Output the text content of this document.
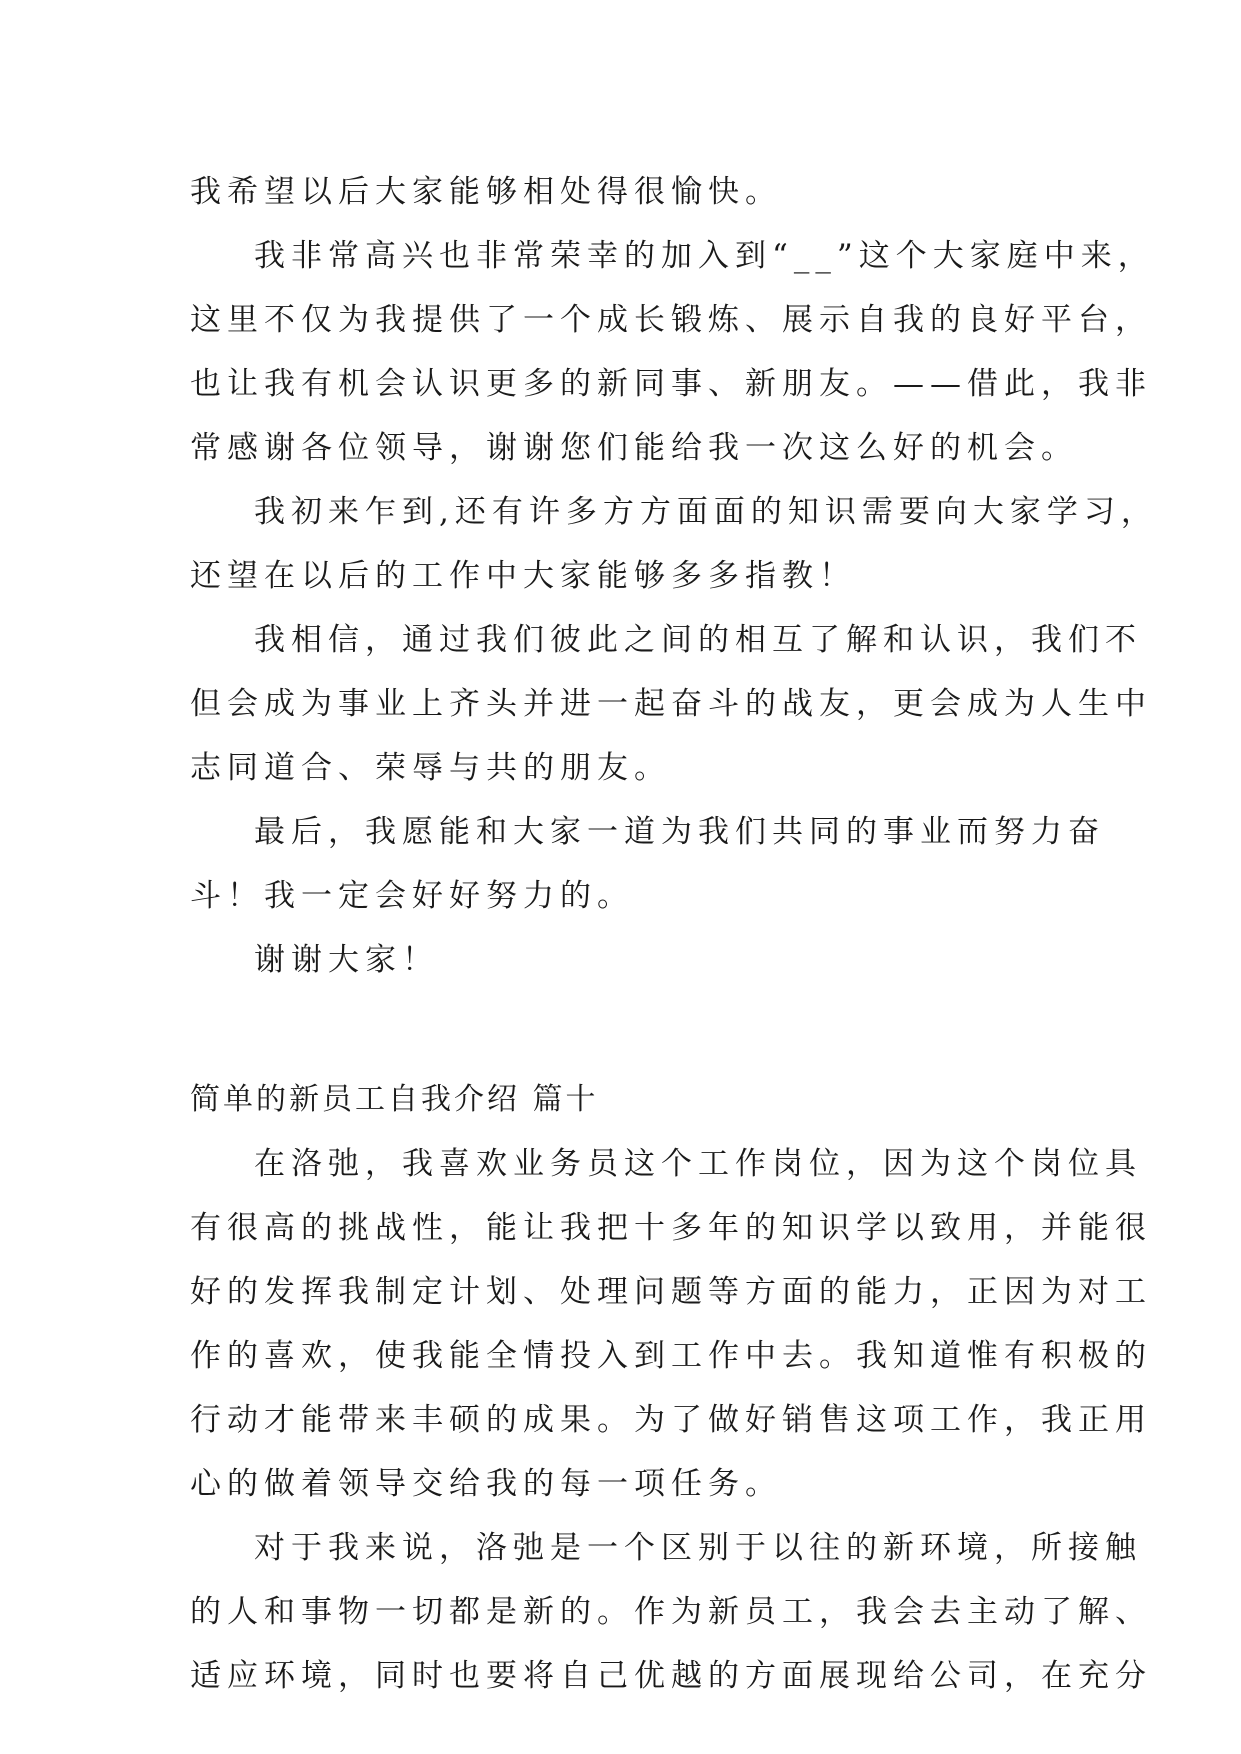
我希望以后大家能够相处得很愉快。
我非常高兴也非常荣幸的加入到“__”这个大家庭中来，
这里不仅为我提供了一个成长锻炼、展示自我的良好平台，
也让我有机会认识更多的新同事、新朋友。——借此，我非
常感谢各位领导，谢谢您们能给我一次这么好的机会。
我初来乍到,还有许多方方面面的知识需要向大家学习，
还望在以后的工作中大家能够多多指教！
我相信，通过我们彼此之间的相互了解和认识，我们不
但会成为事业上齐头并进一起奋斗的战友，更会成为人生中
志同道合、荣辱与共的朋友。
最后，我愿能和大家一道为我们共同的事业而努力奋
斗！我一定会好好努力的。
谢谢大家！
简单的新员工自我介绍 篇十
在洛弛，我喜欢业务员这个工作岗位，因为这个岗位具
有很高的挑战性，能让我把十多年的知识学以致用，并能很
好的发挥我制定计划、处理问题等方面的能力，正因为对工
作的喜欢，使我能全情投入到工作中去。我知道惟有积极的
行动才能带来丰硕的成果。为了做好销售这项工作，我正用
心的做着领导交给我的每一项任务。
对于我来说，洛弛是一个区别于以往的新环境，所接触
的人和事物一切都是新的。作为新员工，我会去主动了解、
适应环境，同时也要将自己优越的方面展现给公司，在充分
